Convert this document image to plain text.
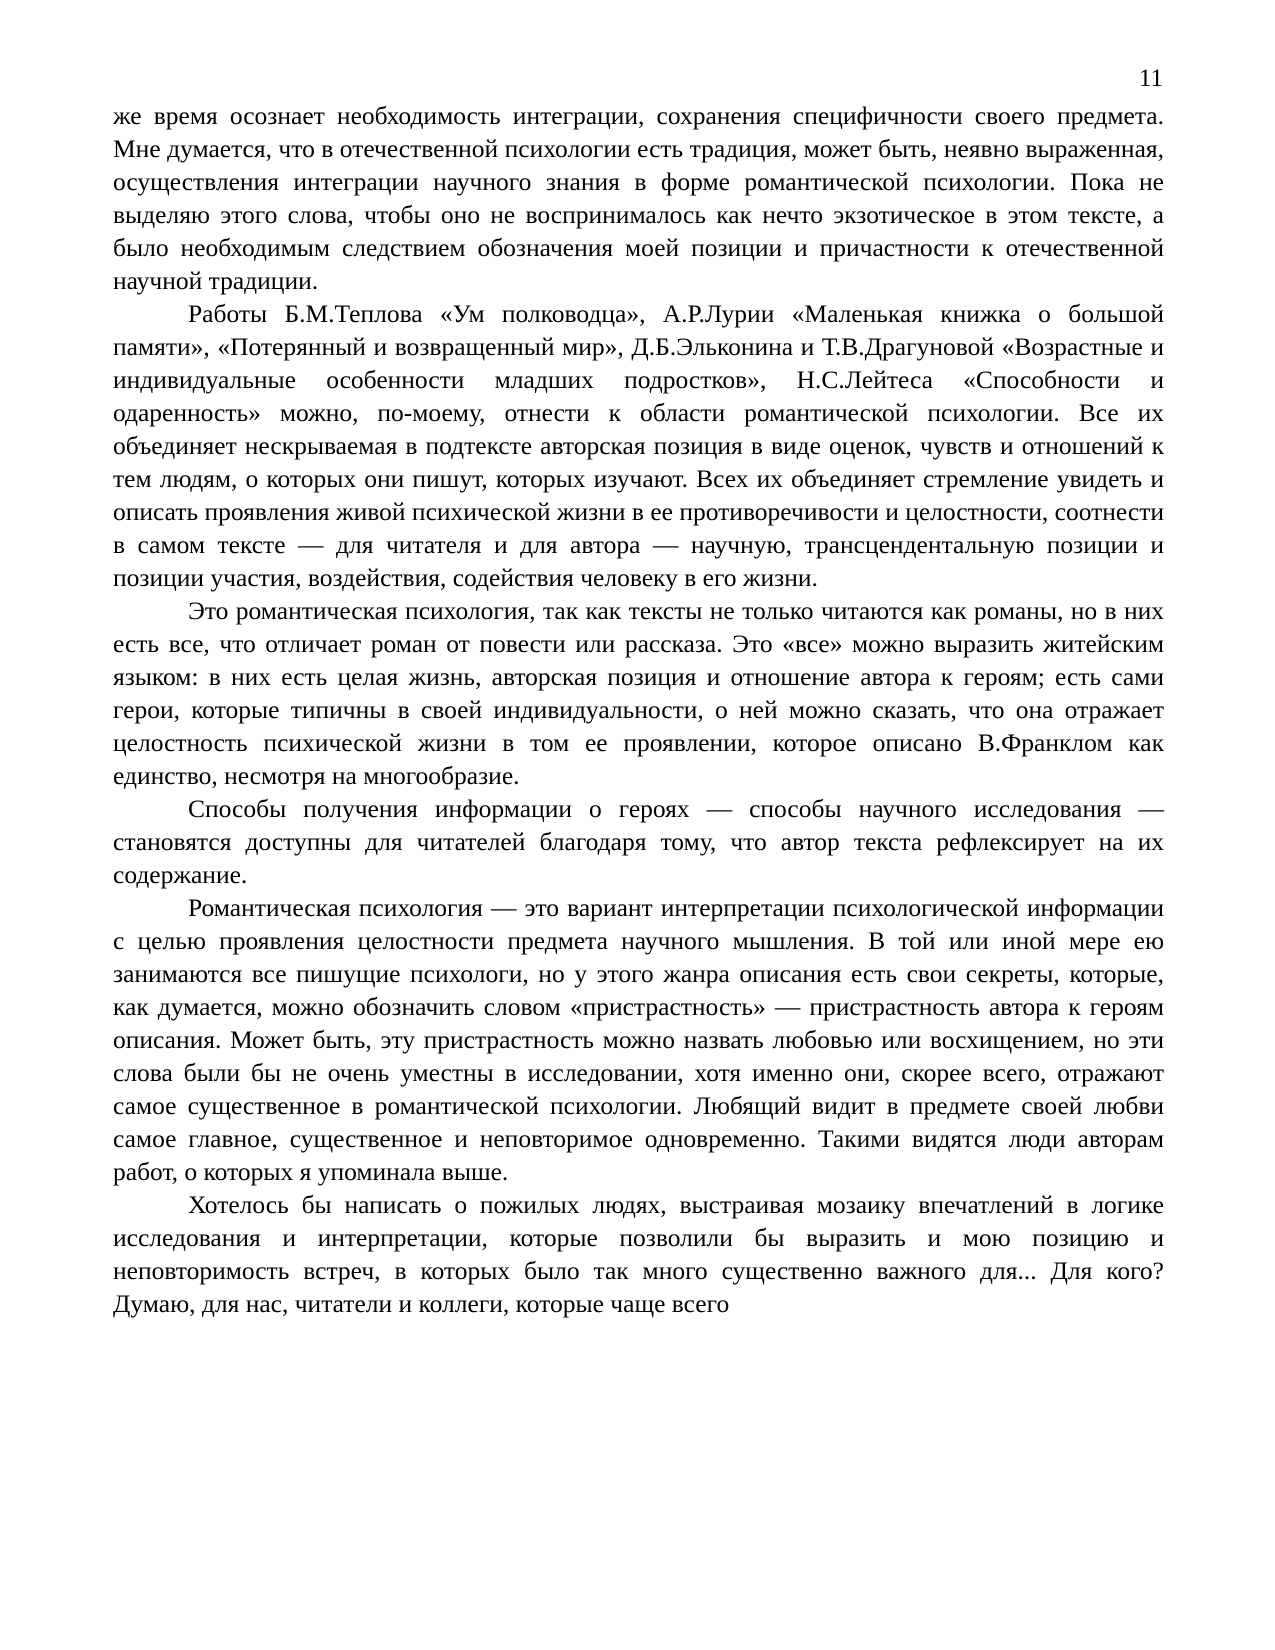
11

же время осознает необходимость интеграции, сохранения специфичности своего предмета. Мне думается, что в отечественной психологии есть традиция, может быть, неявно выраженная, осуществления интеграции научного знания в форме романтической психологии. Пока не выделяю этого слова, чтобы оно не воспринималось как нечто экзотическое в этом тексте, а было необходимым следствием обозначения моей позиции и причастности к отечественной научной традиции.

Работы Б.М.Теплова «Ум полководца», А.Р.Лурии «Маленькая книжка о большой памяти», «Потерянный и возвращенный мир», Д.Б.Эльконина и Т.В.Драгуновой «Возрастные и индивидуальные особенности младших подростков», Н.С.Лейтеса «Способности и одаренность» можно, по-моему, отнести к области романтической психологии. Все их объединяет нескрываемая в подтексте авторская позиция в виде оценок, чувств и отношений к тем людям, о которых они пишут, которых изучают. Всех их объединяет стремление увидеть и описать проявления живой психической жизни в ее противоречивости и целостности, соотнести в самом тексте — для читателя и для автора — научную, трансцендентальную позиции и позиции участия, воздействия, содействия человеку в его жизни.

Это романтическая психология, так как тексты не только читаются как романы, но в них есть все, что отличает роман от повести или рассказа. Это «все» можно выразить житейским языком: в них есть целая жизнь, авторская позиция и отношение автора к героям; есть сами герои, которые типичны в своей индивидуальности, о ней можно сказать, что она отражает целостность психической жизни в том ее проявлении, которое описано В.Франклом как единство, несмотря на многообразие.

Способы получения информации о героях — способы научного исследования — становятся доступны для читателей благодаря тому, что автор текста рефлексирует на их содержание.

Романтическая психология — это вариант интерпретации психологической информации с целью проявления целостности предмета научного мышления. В той или иной мере ею занимаются все пишущие психологи, но у этого жанра описания есть свои секреты, которые, как думается, можно обозначить словом «пристрастность» — пристрастность автора к героям описания. Может быть, эту пристрастность можно назвать любовью или восхищением, но эти слова были бы не очень уместны в исследовании, хотя именно они, скорее всего, отражают самое существенное в романтической психологии. Любящий видит в предмете своей любви самое главное, существенное и неповторимое одновременно. Такими видятся люди авторам работ, о которых я упоминала выше.

Хотелось бы написать о пожилых людях, выстраивая мозаику впечатлений в логике исследования и интерпретации, которые позволили бы выразить и мою позицию и неповторимость встреч, в которых было так много существенно важного для... Для кого? Думаю, для нас, читатели и коллеги, которые чаще всего
